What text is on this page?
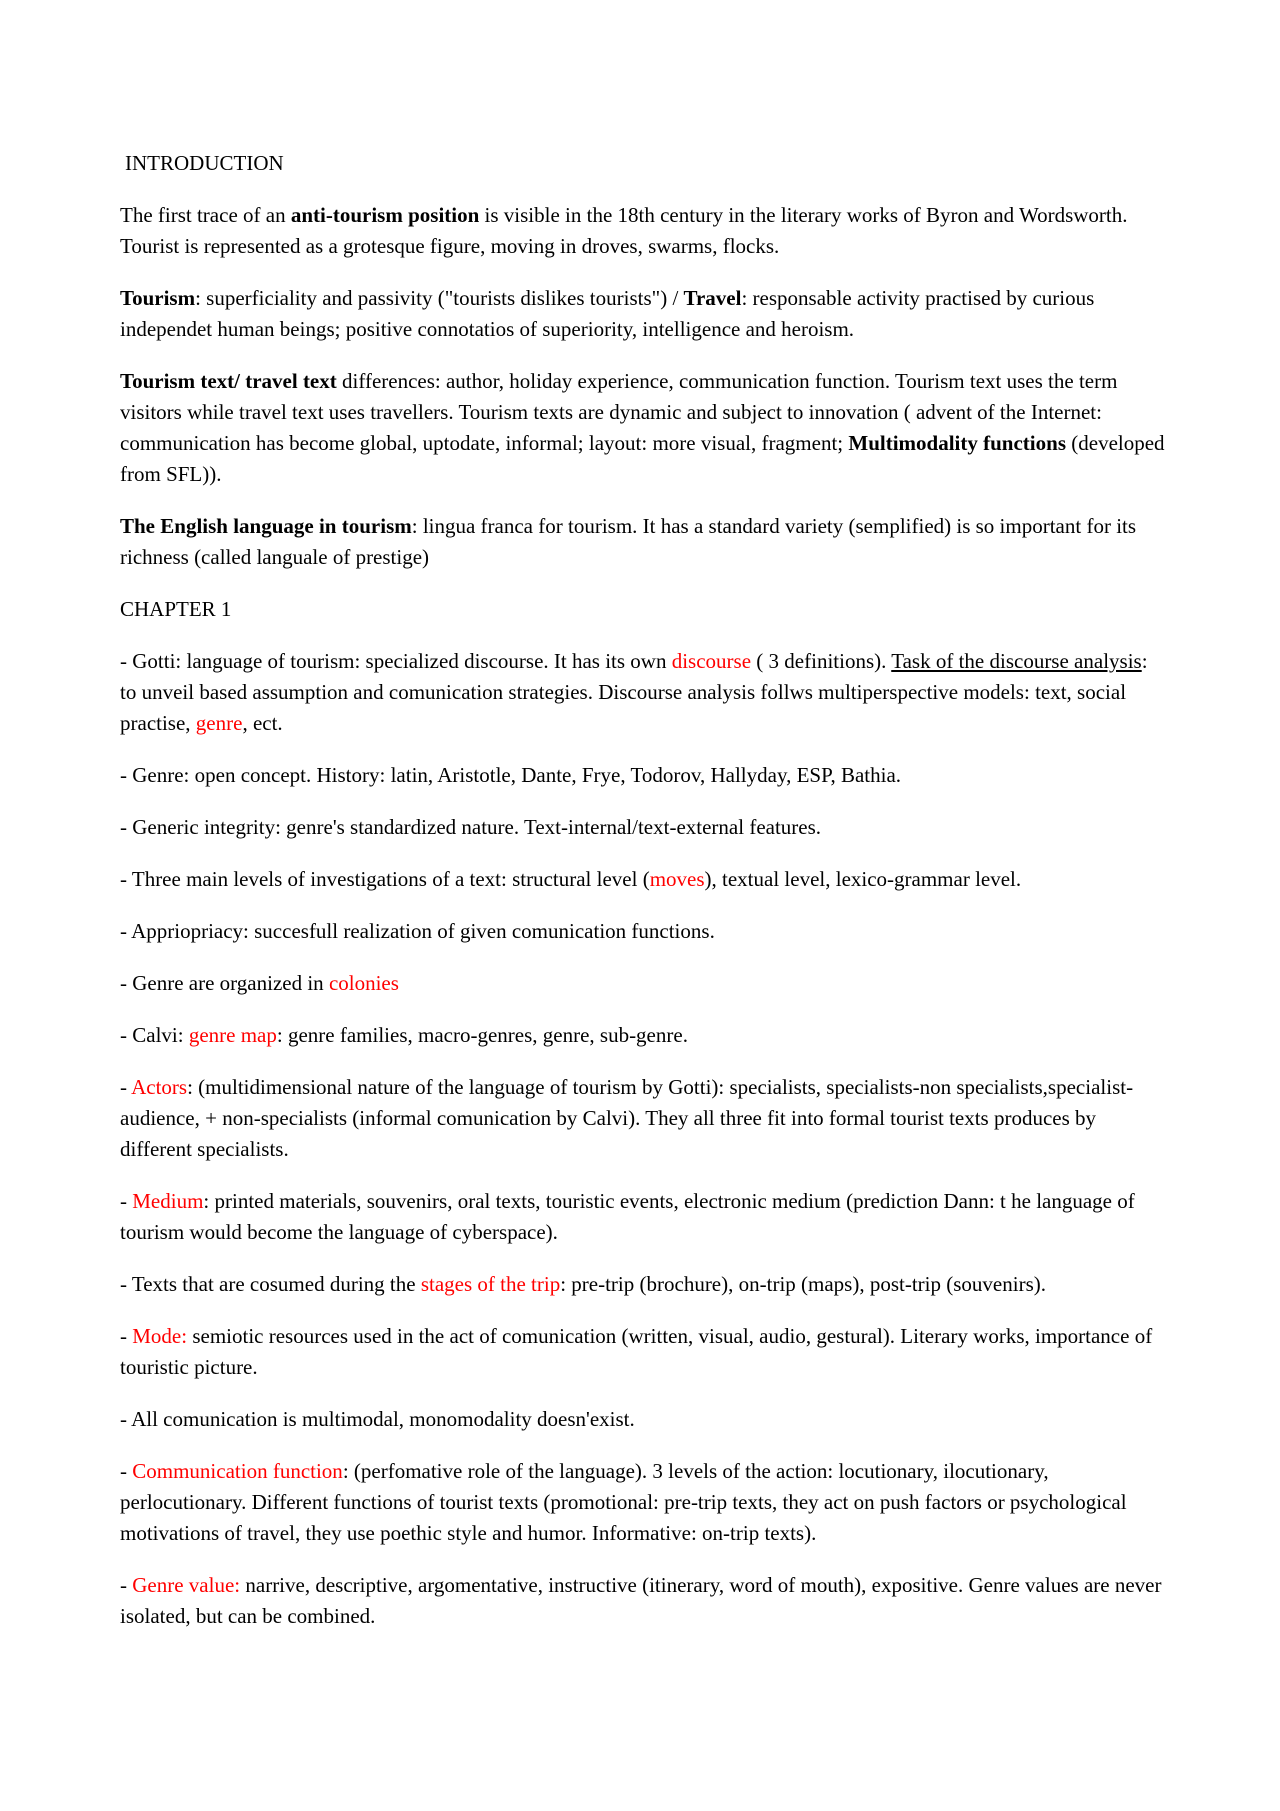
INTRODUCTION

The first trace of an anti-tourism position is visible in the 18th century in the literary works of Byron and Wordsworth. Tourist is represented as a grotesque figure, moving in droves, swarms, flocks.

Tourism: superficiality and passivity ("tourists dislikes tourists") / Travel: responsable activity practised by curious independet human beings; positive connotatios of superiority, intelligence and heroism.

Tourism text/ travel text differences: author, holiday experience, communication function. Tourism text uses the term visitors while travel text uses travellers. Tourism texts are dynamic and subject to innovation ( advent of the Internet: communication has become global, uptodate, informal; layout: more visual, fragment; Multimodality functions (developed from SFL)).

The English language in tourism: lingua franca for tourism. It has a standard variety (semplified) is so important for its richness (called languale of prestige)

CHAPTER 1

- Gotti: language of tourism: specialized discourse. It has its own discourse ( 3 definitions). Task of the discourse analysis: to unveil based assumption and comunication strategies. Discourse analysis follws multiperspective models: text, social practise, genre, ect.

- Genre: open concept. History: latin, Aristotle, Dante, Frye, Todorov, Hallyday, ESP, Bathia.

- Generic integrity: genre's standardized nature. Text-internal/text-external features.

- Three main levels of investigations of a text: structural level (moves), textual level, lexico-grammar level.

- Appriopriacy: succesfull realization of given comunication functions.

- Genre are organized in colonies

- Calvi: genre map: genre families, macro-genres, genre, sub-genre.

- Actors: (multidimensional nature of the language of tourism by Gotti): specialists, specialists-non specialists,specialist-audience, + non-specialists (informal comunication by Calvi). They all three fit into formal tourist texts produces by different specialists.

- Medium: printed materials, souvenirs, oral texts, touristic events, electronic medium (prediction Dann: t he language of tourism would become the language of cyberspace).

- Texts that are cosumed during the stages of the trip: pre-trip (brochure), on-trip (maps), post-trip (souvenirs).

- Mode: semiotic resources used in the act of comunication (written, visual, audio, gestural). Literary works, importance of touristic picture.

- All comunication is multimodal, monomodality doesn'exist.

- Communication function: (perfomative role of the language). 3 levels of the action: locutionary, ilocutionary, perlocutionary. Different functions of tourist texts (promotional: pre-trip texts, they act on push factors or psychological motivations of travel, they use poethic style and humor. Informative: on-trip texts).

- Genre value: narrive, descriptive, argomentative, instructive (itinerary, word of mouth), expositive. Genre values are never isolated, but can be combined.
